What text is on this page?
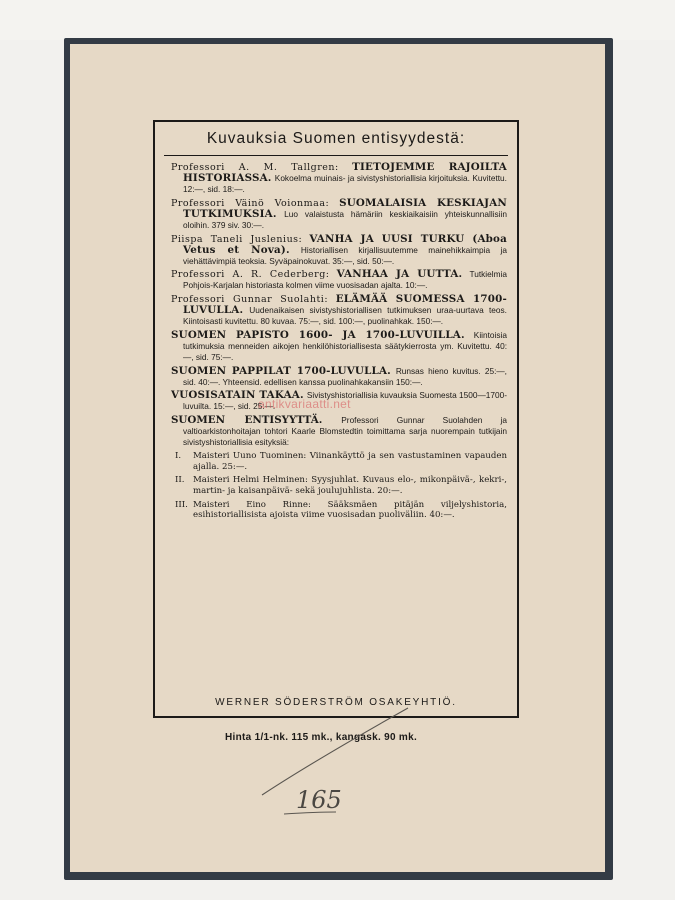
Kuvauksia Suomen entisyydestä:

Professori A. M. Tallgren: TIETOJEMME RAJOILTA HISTORIASSA. Kokoelma muinais- ja sivistyshistoriallisia kirjoituksia. Kuvitettu. 12:—, sid. 18:—.

Professori Väinö Voionmaa: SUOMALAISIA KESKIAJAN TUTKIMUKSIA. Luo valaistusta hämäriin keskiaikaisiin yhteiskunnallisiin oloihin. 379 siv. 30:—.

Piispa Taneli Juslenius: VANHA JA UUSI TURKU (Aboa Vetus et Nova). Historiallisen kirjallisuutemme mainehikkaimpia ja viehättävimpiä teoksia. Syväpainokuvat. 35:—, sid. 50:—.

Professori A. R. Cederberg: VANHAA JA UUTTA. Tutkielmia Pohjois-Karjalan historiasta kolmen viime vuosisadan ajalta. 10:—.

Professori Gunnar Suolahti: ELÄMÄÄ SUOMESSA 1700-LUVULLA. Uudenaikaisen sivistyshistoriallisen tutkimuksen uraa-uurtava teos. Kiintoisasti kuvitettu. 80 kuvaa. 75:—, sid. 100:—, puolinahkak. 150:—.

SUOMEN PAPISTO 1600- JA 1700-LUVUILLA. Kiintoisia tutkimuksia menneiden aikojen henkilöhistoriallisesta säätykierrosta ym. Kuvitettu. 40:—, sid. 75:—.

SUOMEN PAPPILAT 1700-LUVULLA. Runsas hieno kuvitus. 25:—, sid. 40:—. Yhteensid. edellisen kanssa puolinahkakansiin 150:—.

VUOSISATAIN TAKAA. Sivistyshistoriallisia kuvauksia Suomesta 1500—1700-luvuilta. 15:—, sid. 25:—.

SUOMEN ENTISYYTTÄ. Professori Gunnar Suolahden ja valtioarkistonhoitajan tohtori Kaarle Blomstedtin toimittama sarja nuorempain tutkijain sivistyshistoriallisia esityksiä:

I. Maisteri Uuno Tuominen: Viinankäyttö ja sen vastustaminen vapauden ajalla. 25:—.

II. Maisteri Helmi Helminen: Syysjuhlat. Kuvaus elo-, mikonpäivä-, kekri-, martin- ja kaisanpäivä- sekä joulujuhlista. 20:—.

III. Maisteri Eino Rinne: Sääksmäen pitäjän viljelyshistoria, esihistoriallisista ajoista viime vuosisadan puoliväliin. 40:—.

WERNER SÖDERSTRÖM OSAKEYHTIÖ.
antikvariaatti.net
Hinta 1/1-nk. 115 mk., kangask. 90 mk.
165
